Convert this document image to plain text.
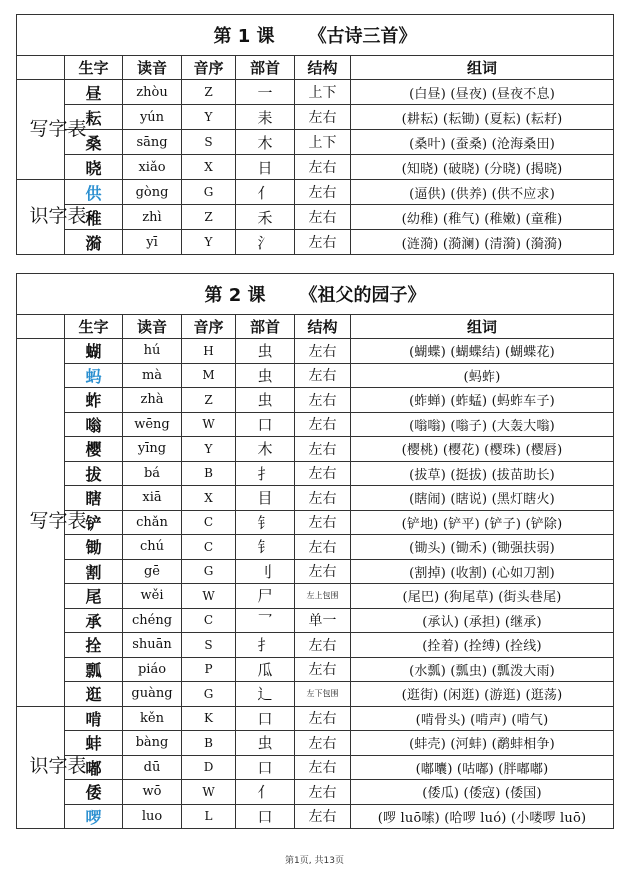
第 1 课 《古诗三首》						
	生字	读音	音序	部首	结构	组词
写字表	昼	zhòu	Z	一	上下	(白昼) (昼夜) (昼夜不息)
	耘	yún	Y	耒	左右	(耕耘) (耘锄) (夏耘) (耘耔)
	桑	sāng	S	木	上下	(桑叶) (蚕桑) (沧海桑田)
	晓	xiǎo	X	日	左右	(知晓) (破晓) (分晓) (揭晓)
识字表	供	gòng	G	亻	左右	(逼供) (供养) (供不应求)
	稚	zhì	Z	禾	左右	(幼稚) (稚气) (稚嫩) (童稚)
	漪	yī	Y	氵	左右	(涟漪) (漪澜) (清漪) (漪漪)
第 2 课 《祖父的园子》						
	生字	读音	音序	部首	结构	组词
写字表	蝴	hú	H	虫	左右	(蝴蝶) (蝴蝶结) (蝴蝶花)
	蚂	mà	M	虫	左右	(蚂蚱)
	蚱	zhà	Z	虫	左右	(蚱蝉) (蚱蜢) (蚂蚱车子)
	嗡	wēng	W	口	左右	(嗡嗡) (嗡子) (大轰大嗡)
	樱	yīng	Y	木	左右	(樱桃) (樱花) (樱珠) (樱唇)
	拔	bá	B	扌	左右	(拔草) (挺拔) (拔苗助长)
	瞎	xiā	X	目	左右	(瞎闹) (瞎说) (黑灯瞎火)
	铲	chǎn	C	钅	左右	(铲地) (铲平) (铲子) (铲除)
	锄	chú	C	钅	左右	(锄头) (锄禾) (锄强扶弱)
	割	gē	G	刂	左右	(割掉) (收割) (心如刀割)
	尾	wěi	W	尸	左上包围	(尾巴) (狗尾草) (街头巷尾)
	承	chéng	C	乛	单一	(承认) (承担) (继承)
	拴	shuān	S	扌	左右	(拴着) (拴缚) (拴线)
	瓢	piáo	P	瓜	左右	(水瓢) (瓢虫) (瓢泼大雨)
	逛	guàng	G	辶	左下包围	(逛街) (闲逛) (游逛) (逛荡)
识字表	啃	kěn	K	口	左右	(啃骨头) (啃声) (啃气)
	蚌	bàng	B	虫	左右	(蚌壳) (河蚌) (鹬蚌相争)
	嘟	dū	D	口	左右	(嘟囔) (咕嘟) (胖嘟嘟)
	倭	wō	W	亻	左右	(倭瓜) (倭寇) (倭国)
	啰	luo	L	口	左右	(啰 luō嗦) (哈啰 luó) (小喽啰 luō)
第1页, 共13页
